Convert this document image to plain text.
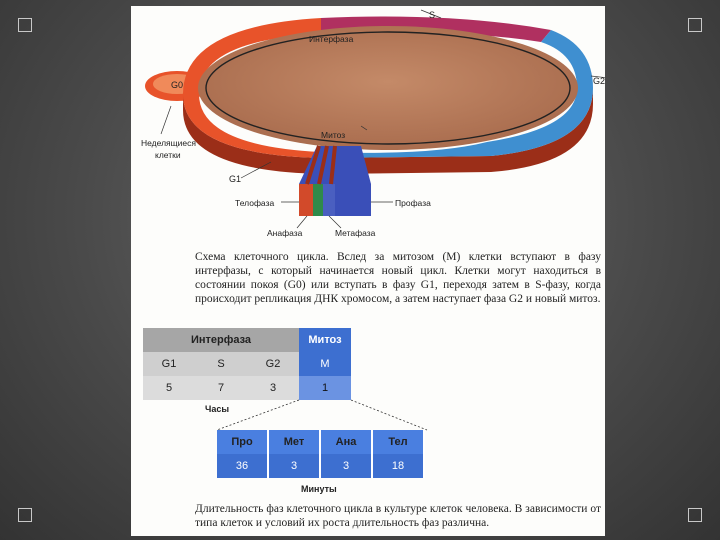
Интерфаза
S
G2
G0
Неделящиеся
клетки
G1
Митоз
Телофаза
Анафаза	Метафаза
Профаза
Схема клеточного цикла. Вслед за митозом (М) клетки вступают в фазу интерфазы, с который начинается новый цикл. Клетки могут находиться в состоянии покоя (G0) или вступать в фазу G1, переходя затем в S-фазу, когда происходит репликация ДНК хромосом, а затем наступает фаза G2 и новый митоз.
Интерфаза			Митоз
G1	S	G2	M
5	7	3	1
Часы
Про	Мет	Ана	Тел
36	3	3	18
Минуты
Длительность фаз клеточного цикла в культуре клеток человека. В зависимости от типа клеток и условий их роста длительность фаз различна.
